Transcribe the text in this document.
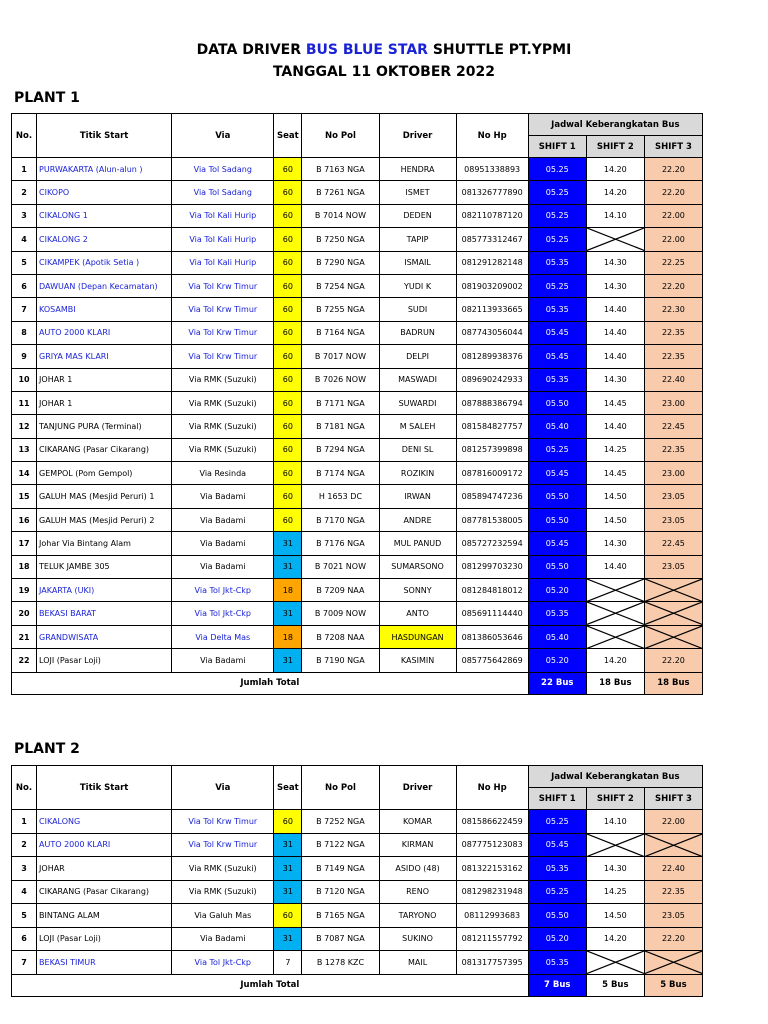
DATA DRIVER BUS BLUE STAR SHUTTLE PT.YPMI
TANGGAL 11 OKTOBER 2022
PLANT 1
No.	Titik Start	Via	Seat	No Pol	Driver	No Hp	Jadwal Keberangkatan Bus		
							SHIFT 1	SHIFT 2	SHIFT 3
1	PURWAKARTA (Alun-alun )	Via Tol Sadang	60	B 7163 NGA	HENDRA	08951338893	05.25	14.20	22.20
2	CIKOPO	Via Tol Sadang	60	B 7261 NGA	ISMET	081326777890	05.25	14.20	22.20
3	CIKALONG 1	Via Tol Kali Hurip	60	B 7014 NOW	DEDEN	082110787120	05.25	14.10	22.00
4	CIKALONG 2	Via Tol Kali Hurip	60	B 7250 NGA	TAPIP	085773312467	05.25		22.00
5	CIKAMPEK (Apotik Setia )	Via Tol Kali Hurip	60	B 7290 NGA	ISMAIL	081291282148	05.35	14.30	22.25
6	DAWUAN (Depan Kecamatan)	Via Tol Krw Timur	60	B 7254 NGA	YUDI K	081903209002	05.25	14.30	22.20
7	KOSAMBI	Via Tol Krw Timur	60	B 7255 NGA	SUDI	082113933665	05.35	14.40	22.30
8	AUTO 2000 KLARI	Via Tol Krw Timur	60	B 7164 NGA	BADRUN	087743056044	05.45	14.40	22.35
9	GRIYA MAS KLARI	Via Tol Krw Timur	60	B 7017 NOW	DELPI	081289938376	05.45	14.40	22.35
10	JOHAR 1	Via RMK (Suzuki)	60	B 7026 NOW	MASWADI	089690242933	05.35	14.30	22.40
11	JOHAR 1	Via RMK (Suzuki)	60	B 7171 NGA	SUWARDI	087888386794	05.50	14.45	23.00
12	TANJUNG PURA (Terminal)	Via RMK (Suzuki)	60	B 7181 NGA	M SALEH	081584827757	05.40	14.40	22.45
13	CIKARANG (Pasar Cikarang)	Via RMK (Suzuki)	60	B 7294 NGA	DENI SL	081257399898	05.25	14.25	22.35
14	GEMPOL (Pom Gempol)	Via Resinda	60	B 7174 NGA	ROZIKIN	087816009172	05.45	14.45	23.00
15	GALUH MAS (Mesjid Peruri) 1	Via Badami	60	H 1653 DC	IRWAN	085894747236	05.50	14.50	23.05
16	GALUH MAS (Mesjid Peruri) 2	Via Badami	60	B 7170 NGA	ANDRE	087781538005	05.50	14.50	23.05
17	Johar Via Bintang Alam	Via Badami	31	B 7176 NGA	MUL PANUD	085727232594	05.45	14.30	22.45
18	TELUK JAMBE 305	Via Badami	31	B 7021 NOW	SUMARSONO	081299703230	05.50	14.40	23.05
19	JAKARTA (UKI)	Via Tol Jkt-Ckp	18	B 7209 NAA	SONNY	081284818012	05.20	

20	BEKASI BARAT	Via Tol Jkt-Ckp	31	B 7009 NOW	ANTO	085691114440	05.35	

21	GRANDWISATA	Via Delta Mas	18	B 7208 NAA	HASDUNGAN	081386053646	05.40	

22	LOJI (Pasar Loji)	Via Badami	31	B 7190 NGA	KASIMIN	085775642869	05.20	14.20	22.20
Jumlah Total							22 Bus	18 Bus	18 Bus
PLANT 2
No.	Titik Start	Via	Seat	No Pol	Driver	No Hp	Jadwal Keberangkatan Bus		
							SHIFT 1	SHIFT 2	SHIFT 3
1	CIKALONG	Via Tol Krw Timur	60	B 7252 NGA	KOMAR	081586622459	05.25	14.10	22.00
2	AUTO 2000 KLARI	Via Tol Krw Timur	31	B 7122 NGA	KIRMAN	087775123083	05.45	

3	JOHAR	Via RMK (Suzuki)	31	B 7149 NGA	ASIDO (48)	081322153162	05.35	14.30	22.40
4	CIKARANG (Pasar Cikarang)	Via RMK (Suzuki)	31	B 7120 NGA	RENO	081298231948	05.25	14.25	22.35
5	BINTANG ALAM	Via Galuh Mas	60	B 7165 NGA	TARYONO	08112993683	05.50	14.50	23.05
6	LOJI (Pasar Loji)	Via Badami	31	B 7087 NGA	SUKINO	081211557792	05.20	14.20	22.20
7	BEKASI TIMUR	Via Tol Jkt-Ckp	7	B 1278 KZC	MAIL	081317757395	05.35	

Jumlah Total							7 Bus	5 Bus	5 Bus
